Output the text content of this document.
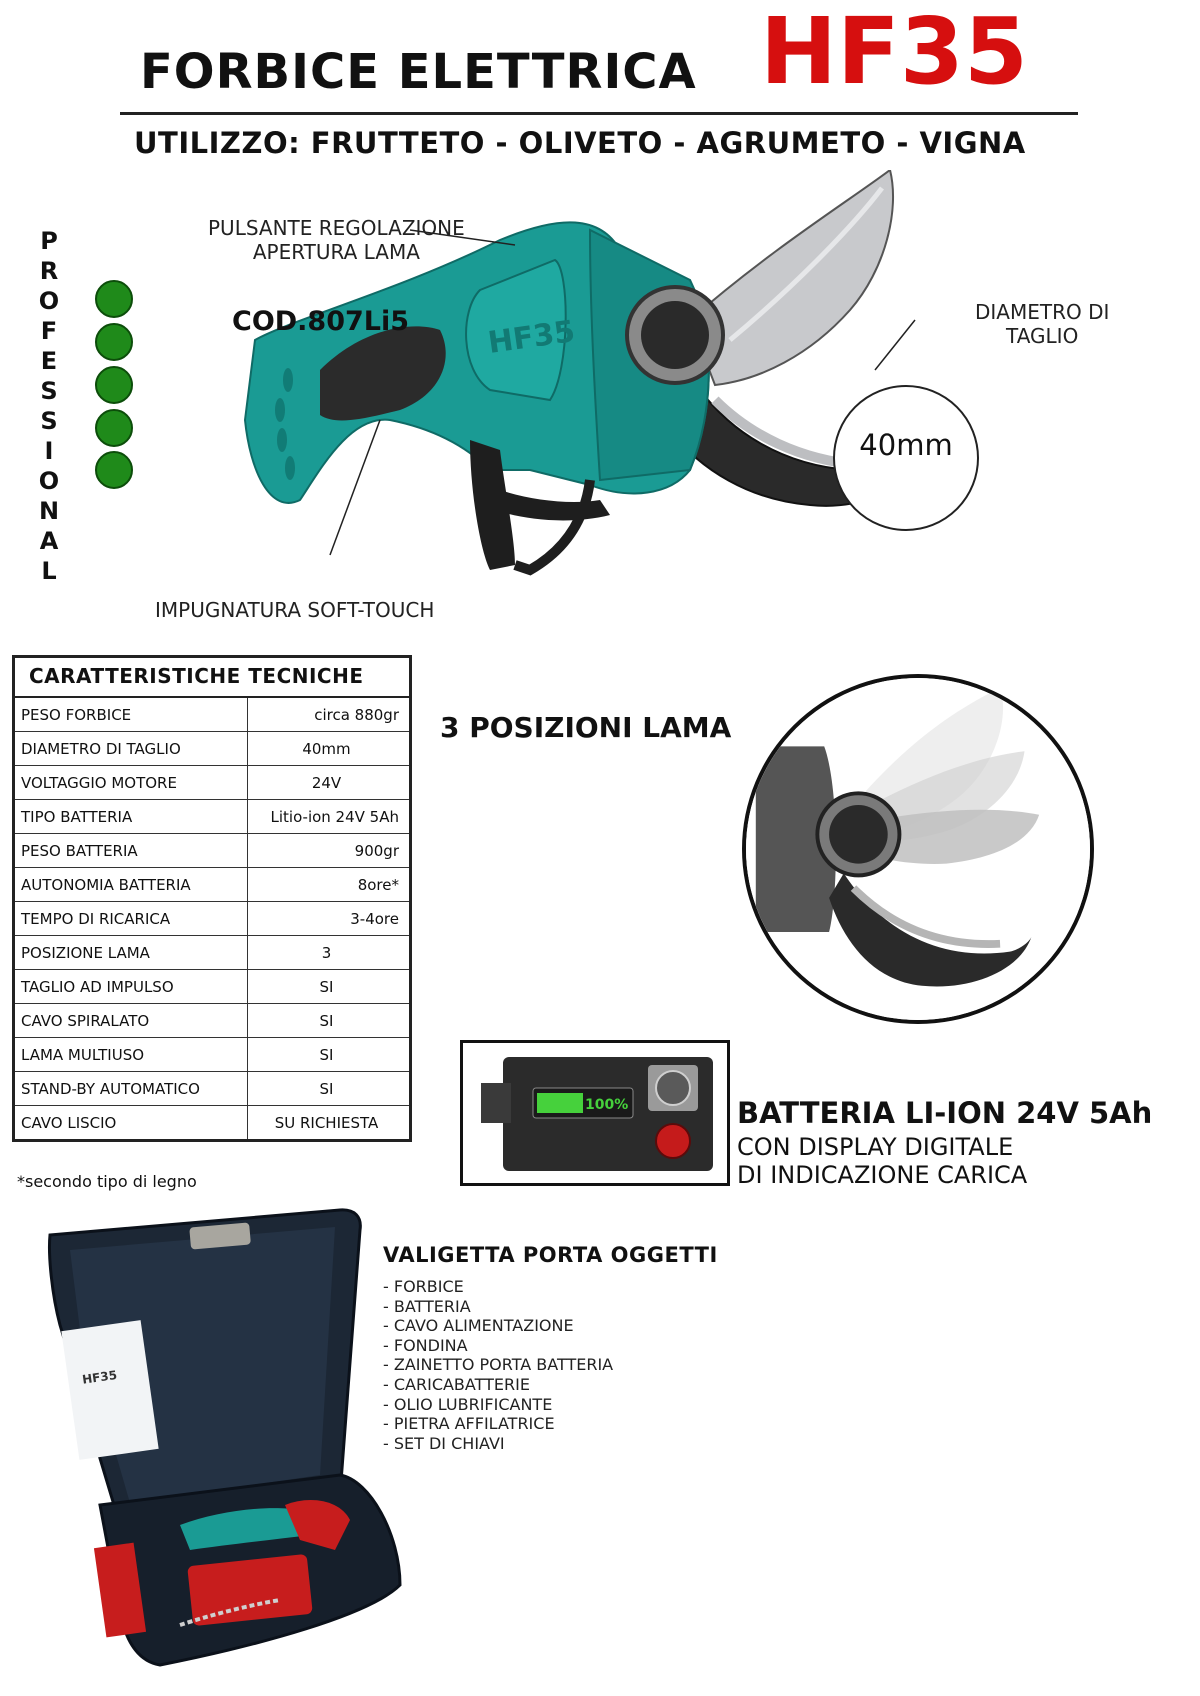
FORBICE ELETTRICA HF35
UTILIZZO: FRUTTETO - OLIVETO - AGRUMETO - VIGNA
P
R
O
F
E
S
S
I
O
N
A
L
HF35
PULSANTE REGOLAZIONE
APERTURA LAMA
COD.807Li5	DIAMETRO DI
TAGLIO
40mm
IMPUGNATURA SOFT-TOUCH
CARATTERISTICHE TECNICHE	
PESO FORBICE	circa 880gr
DIAMETRO DI TAGLIO	40mm
VOLTAGGIO MOTORE	24V
TIPO BATTERIA	Litio-ion 24V 5Ah
PESO BATTERIA	900gr
AUTONOMIA BATTERIA	8ore*
TEMPO DI RICARICA	3-4ore
POSIZIONE LAMA	3
TAGLIO AD IMPULSO	SI
CAVO SPIRALATO	SI
LAMA MULTIUSO	SI
STAND-BY AUTOMATICO	SI
CAVO LISCIO	SU RICHIESTA
*secondo tipo di legno
3 POSIZIONI LAMA
100%	BATTERIA LI-ION 24V 5Ah
CON DISPLAY DIGITALE
DI INDICAZIONE CARICA
HF35
VALIGETTA PORTA OGGETTI
- FORBICE
- BATTERIA
- CAVO ALIMENTAZIONE
- FONDINA
- ZAINETTO PORTA BATTERIA
- CARICABATTERIE
- OLIO LUBRIFICANTE
- PIETRA AFFILATRICE
- SET DI CHIAVI
